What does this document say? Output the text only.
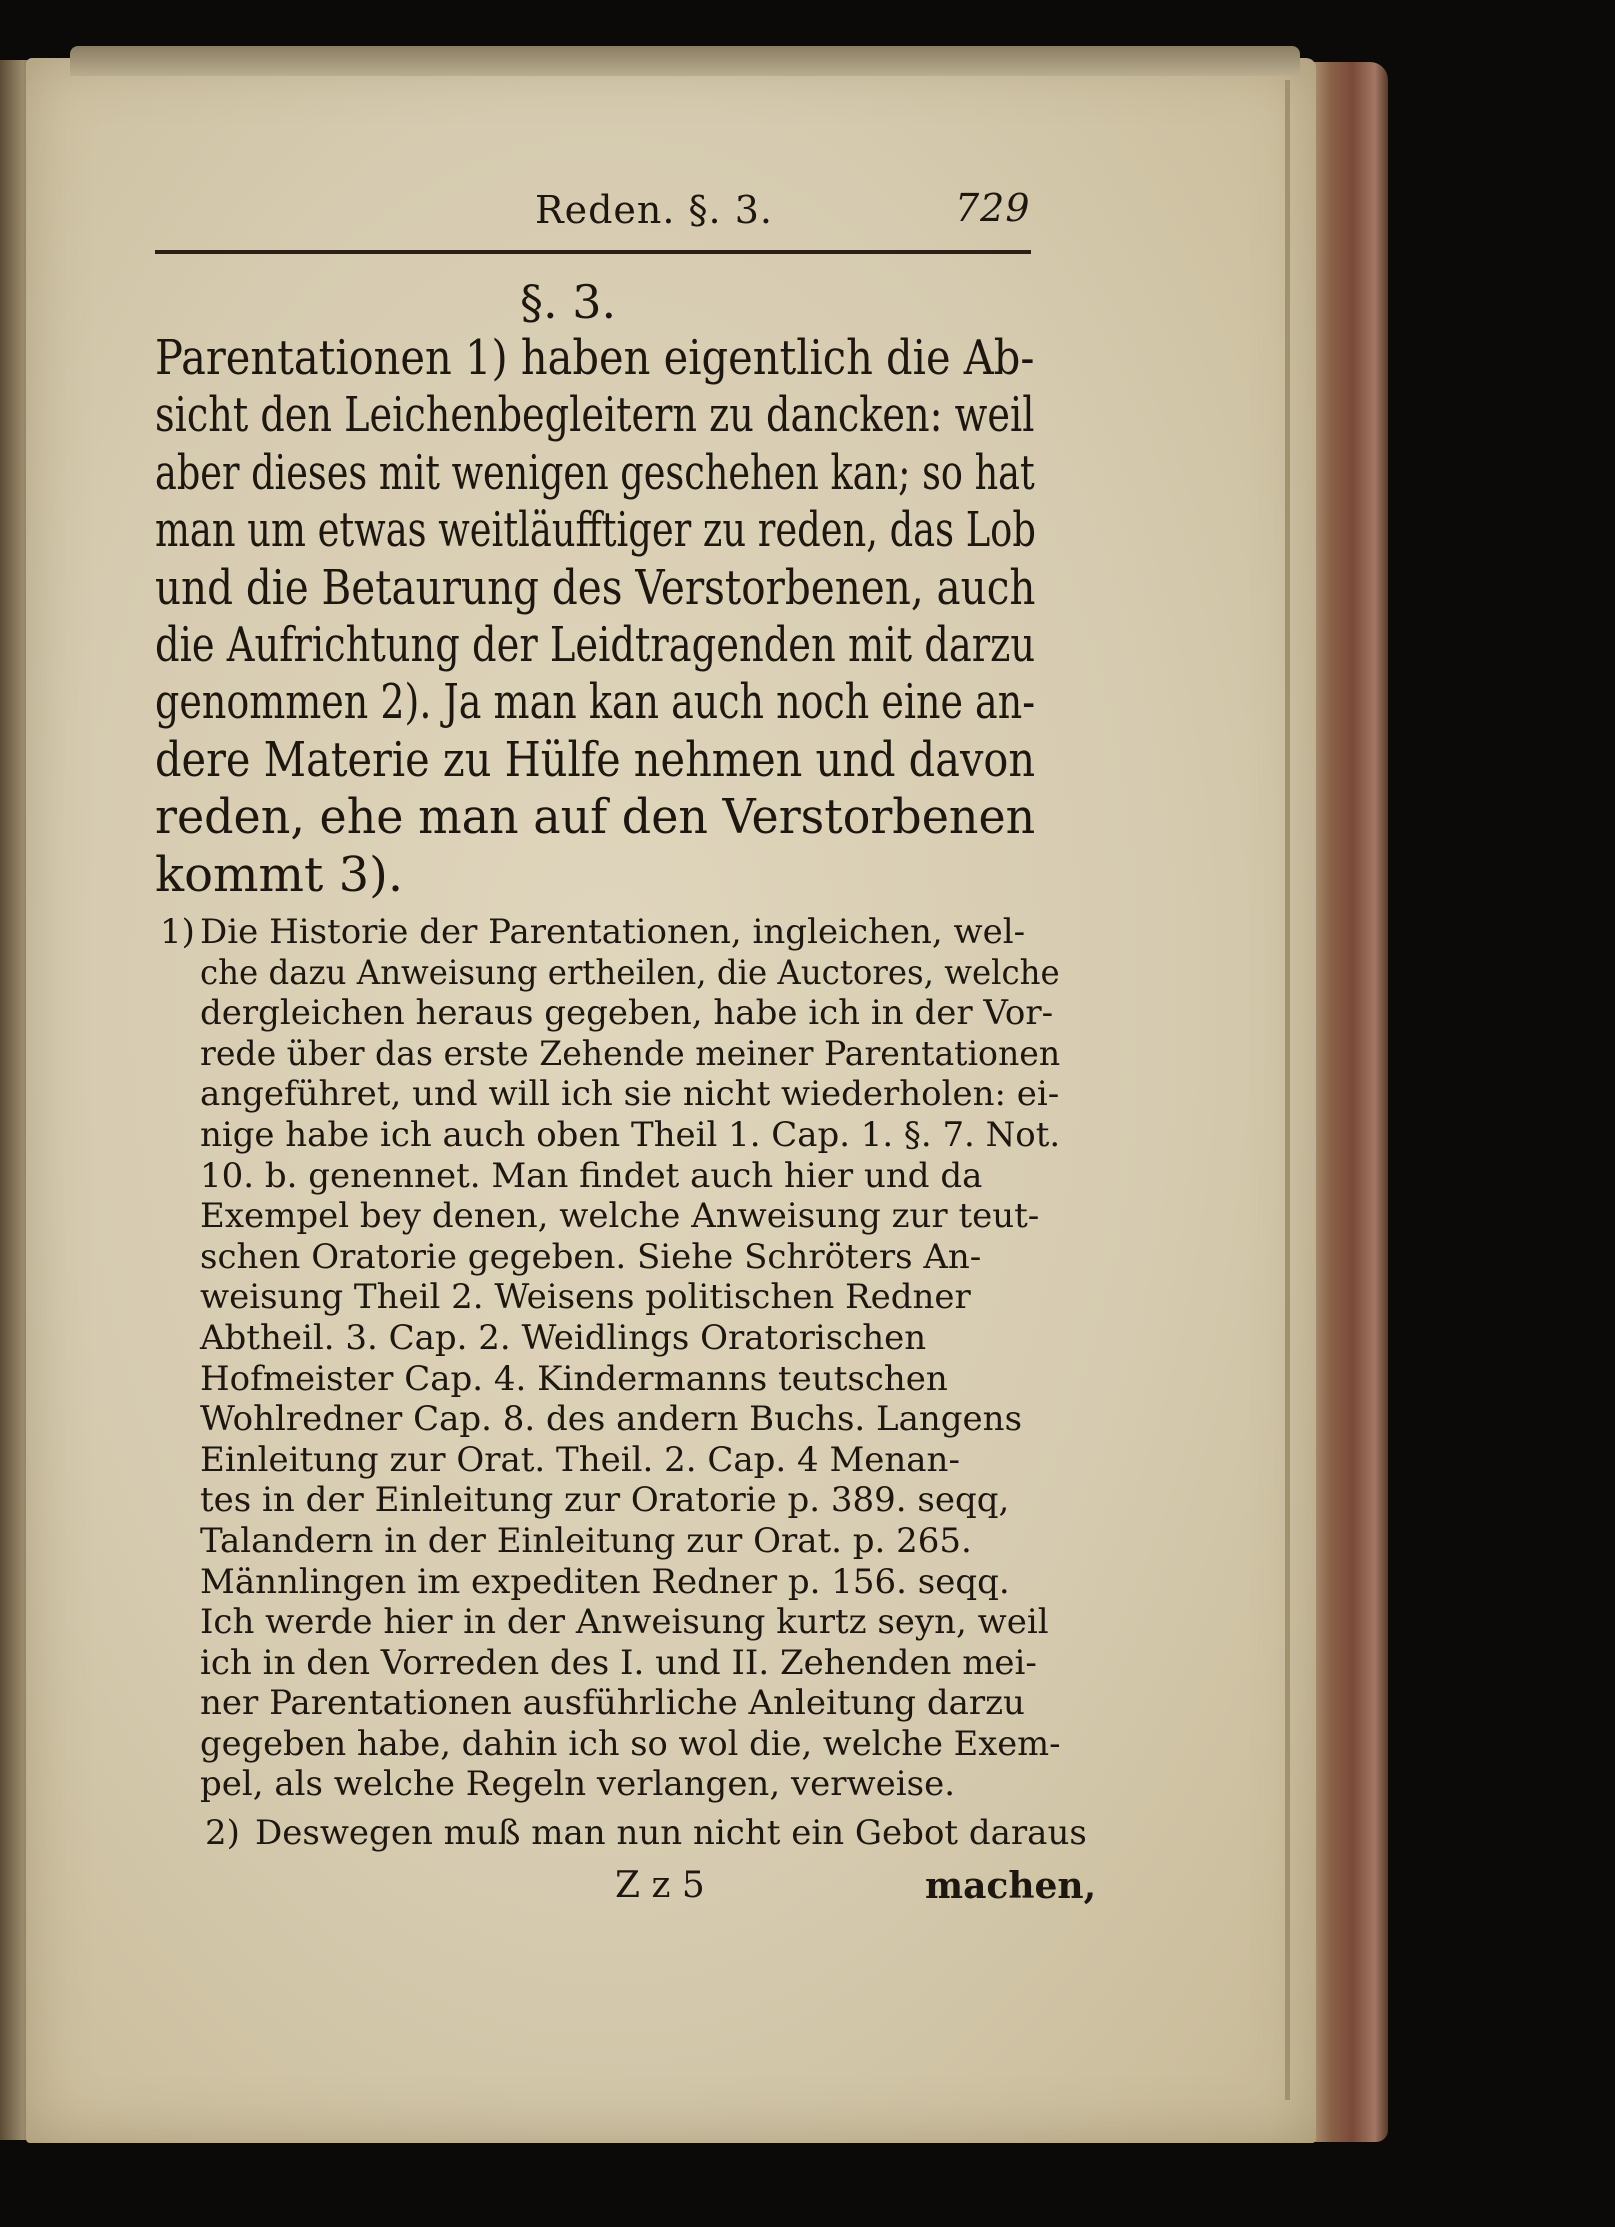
Reden. §. 3.	729
§. 3.
Parentationen 1) haben eigentlich die Ab-
sicht den Leichenbegleitern zu dancken: weil
aber dieses mit wenigen geschehen kan; so hat
man um etwas weitläufftiger zu reden, das Lob
und die Betaurung des Verstorbenen, auch
die Aufrichtung der Leidtragenden mit darzu
genommen 2). Ja man kan auch noch eine an-
dere Materie zu Hülfe nehmen und davon
reden, ehe man auf den Verstorbenen
kommt 3).
1) Die Historie der Parentationen, ingleichen, wel-
che dazu Anweisung ertheilen, die Auctores, welche
dergleichen heraus gegeben, habe ich in der Vor-
rede über das erste Zehende meiner Parentationen
angeführet, und will ich sie nicht wiederholen: ei-
nige habe ich auch oben Theil 1. Cap. 1. §. 7. Not.
10. b. genennet. Man findet auch hier und da
Exempel bey denen, welche Anweisung zur teut-
schen Oratorie gegeben. Siehe Schröters An-
weisung Theil 2. Weisens politischen Redner
Abtheil. 3. Cap. 2. Weidlings Oratorischen
Hofmeister Cap. 4. Kindermanns teutschen
Wohlredner Cap. 8. des andern Buchs. Langens
Einleitung zur Orat. Theil. 2. Cap. 4 Menan-
tes in der Einleitung zur Oratorie p. 389. seqq,
Talandern in der Einleitung zur Orat. p. 265.
Männlingen im expediten Redner p. 156. seqq.
Ich werde hier in der Anweisung kurtz seyn, weil
ich in den Vorreden des I. und II. Zehenden mei-
ner Parentationen ausführliche Anleitung darzu
gegeben habe, dahin ich so wol die, welche Exem-
pel, als welche Regeln verlangen, verweise.
2) Deswegen muß man nun nicht ein Gebot daraus
Z z 5	machen,
